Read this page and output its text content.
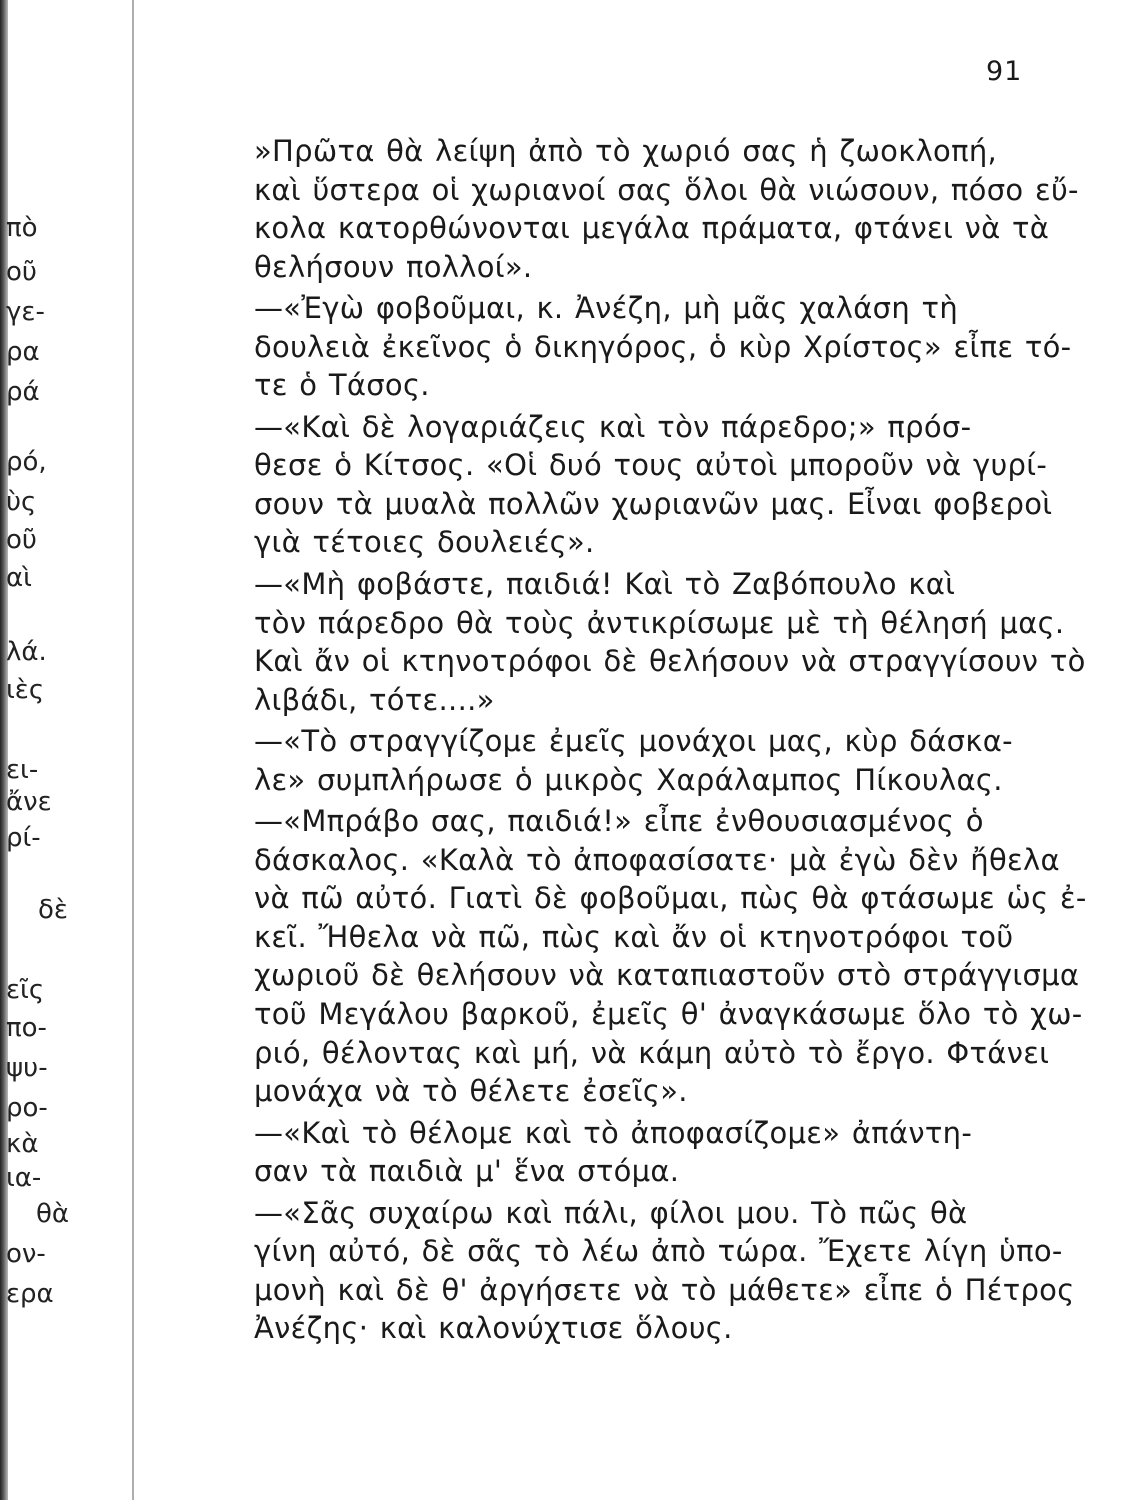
πὸ
οῦ
γε-
ρα
ρά
ρό,
ὺς
οῦ
αὶ
λά.
ιὲς
ει-
ἄνε
ρί-
δὲ
εῖς
πο-
ψυ-
ρο-
κὰ
ια-
θὰ
ον-
ερα
91
»Πρῶτα θὰ λείψη ἀπὸ τὸ χωριό σας ἡ ζωοκλοπή,
καὶ ὕστερα οἱ χωριανοί σας ὅλοι θὰ νιώσουν, πόσο εὔ-
κολα κατορθώνονται μεγάλα πράματα, φτάνει νὰ τὰ
θελήσουν πολλοί».
—«Ἐγὼ φοβοῦμαι, κ. Ἀνέζη, μὴ μᾶς χαλάση τὴ
δουλειὰ ἐκεῖνος ὁ δικηγόρος, ὁ κὺρ Χρίστος» εἶπε τό-
τε ὁ Τάσος.
—«Καὶ δὲ λογαριάζεις καὶ τὸν πάρεδρο;» πρόσ-
θεσε ὁ Κίτσος. «Οἱ δυό τους αὐτοὶ μποροῦν νὰ γυρί-
σουν τὰ μυαλὰ πολλῶν χωριανῶν μας. Εἶναι φοβεροὶ
γιὰ τέτοιες δουλειές».
—«Μὴ φοβάστε, παιδιά! Καὶ τὸ Ζαβόπουλο καὶ
τὸν πάρεδρο θὰ τοὺς ἀντικρίσωμε μὲ τὴ θέλησή μας.
Καὶ ἄν οἱ κτηνοτρόφοι δὲ θελήσουν νὰ στραγγίσουν τὸ
λιβάδι, τότε....»
—«Τὸ στραγγίζομε ἐμεῖς μονάχοι μας, κὺρ δάσκα-
λε» συμπλήρωσε ὁ μικρὸς Χαράλαμπος Πίκουλας.
—«Μπράβο σας, παιδιά!» εἶπε ἐνθουσιασμένος ὁ
δάσκαλος. «Καλὰ τὸ ἀποφασίσατε· μὰ ἐγὼ δὲν ἤθελα
νὰ πῶ αὐτό. Γιατὶ δὲ φοβοῦμαι, πὼς θὰ φτάσωμε ὡς ἐ-
κεῖ. Ἤθελα νὰ πῶ, πὼς καὶ ἄν οἱ κτηνοτρόφοι τοῦ
χωριοῦ δὲ θελήσουν νὰ καταπιαστοῦν στὸ στράγγισμα
τοῦ Μεγάλου βαρκοῦ, ἐμεῖς θ' ἀναγκάσωμε ὅλο τὸ χω-
ριό, θέλοντας καὶ μή, νὰ κάμη αὐτὸ τὸ ἔργο. Φτάνει
μονάχα νὰ τὸ θέλετε ἐσεῖς».
—«Καὶ τὸ θέλομε καὶ τὸ ἀποφασίζομε» ἀπάντη-
σαν τὰ παιδιὰ μ' ἕνα στόμα.
—«Σᾶς συχαίρω καὶ πάλι, φίλοι μου. Τὸ πῶς θὰ
γίνη αὐτό, δὲ σᾶς τὸ λέω ἀπὸ τώρα. Ἔχετε λίγη ὑπο-
μονὴ καὶ δὲ θ' ἀργήσετε νὰ τὸ μάθετε» εἶπε ὁ Πέτρος
Ἀνέζης· καὶ καλονύχτισε ὅλους.
